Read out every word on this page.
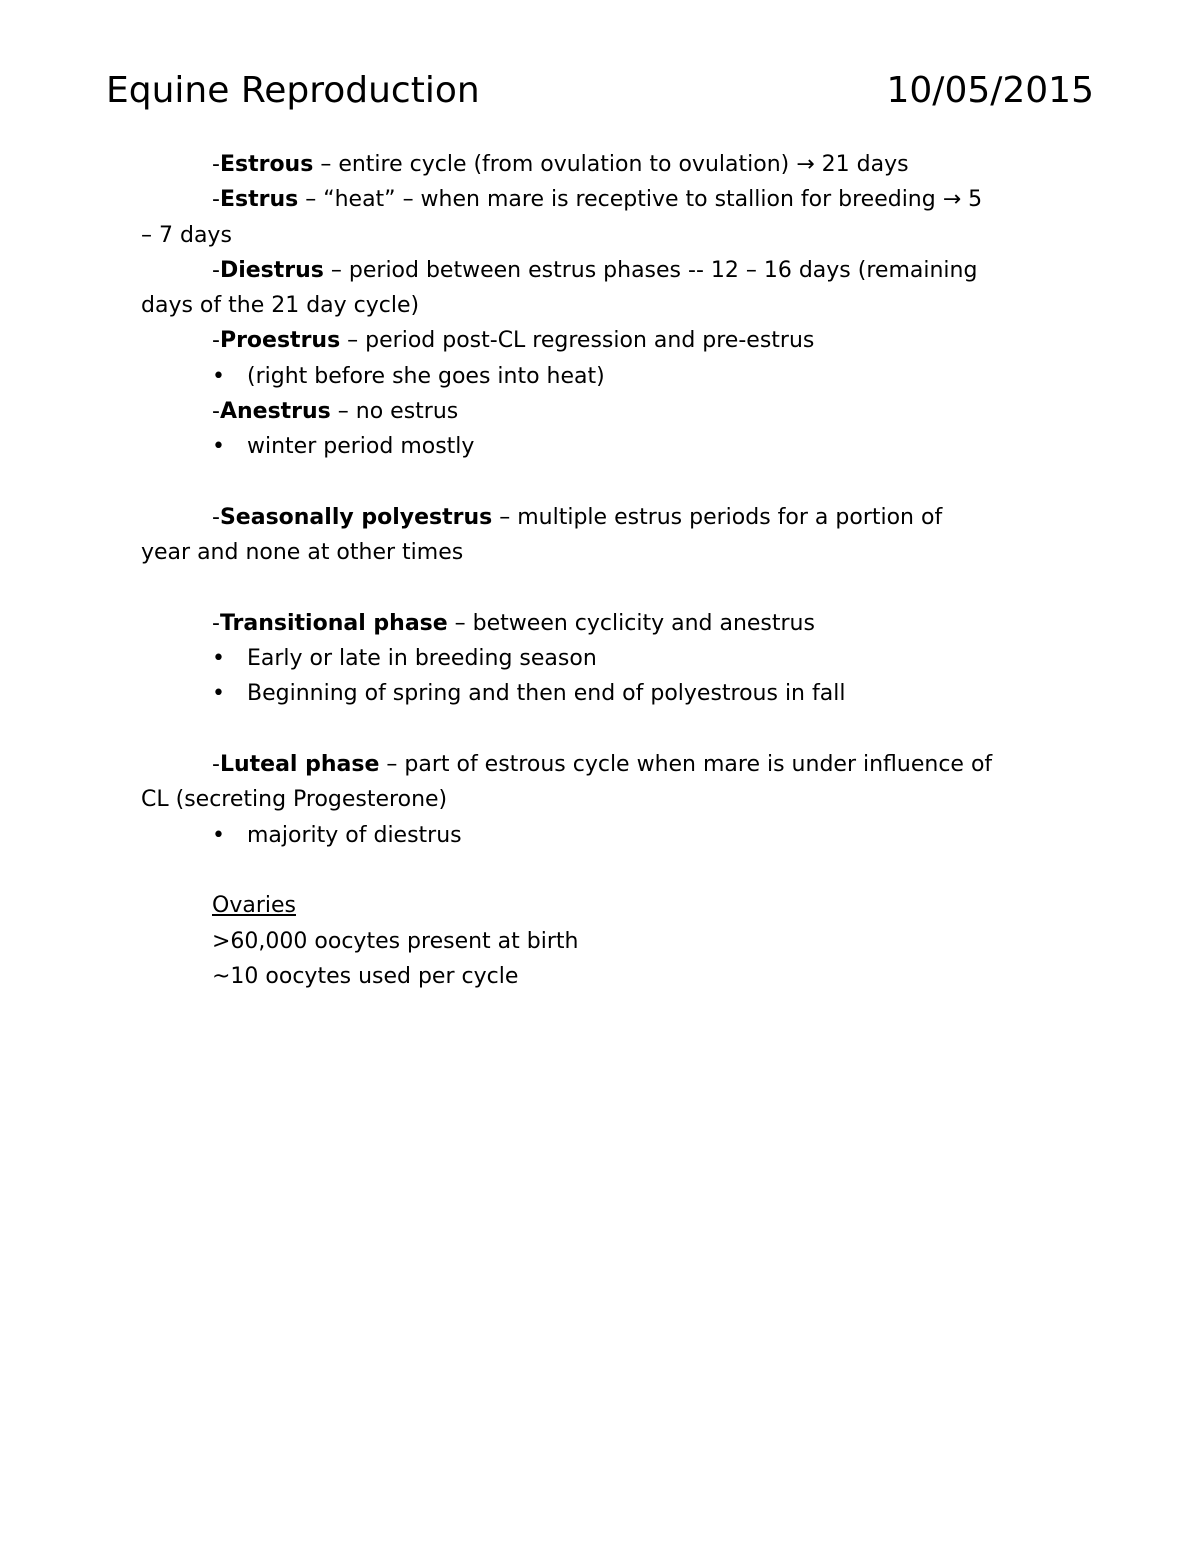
Equine Reproduction	10/05/2015
-Estrous – entire cycle (from ovulation to ovulation) → 21 days
-Estrus – “heat” – when mare is receptive to stallion for breeding → 5
– 7 days
-Diestrus – period between estrus phases -- 12 – 16 days (remaining
days of the 21 day cycle)
-Proestrus – period post-CL regression and pre-estrus
• (right before she goes into heat)
-Anestrus – no estrus
• winter period mostly

-Seasonally polyestrus – multiple estrus periods for a portion of
year and none at other times

-Transitional phase – between cyclicity and anestrus
• Early or late in breeding season
• Beginning of spring and then end of polyestrous in fall

-Luteal phase – part of estrous cycle when mare is under influence of
CL (secreting Progesterone)
• majority of diestrus

Ovaries
>60,000 oocytes present at birth
~10 oocytes used per cycle
